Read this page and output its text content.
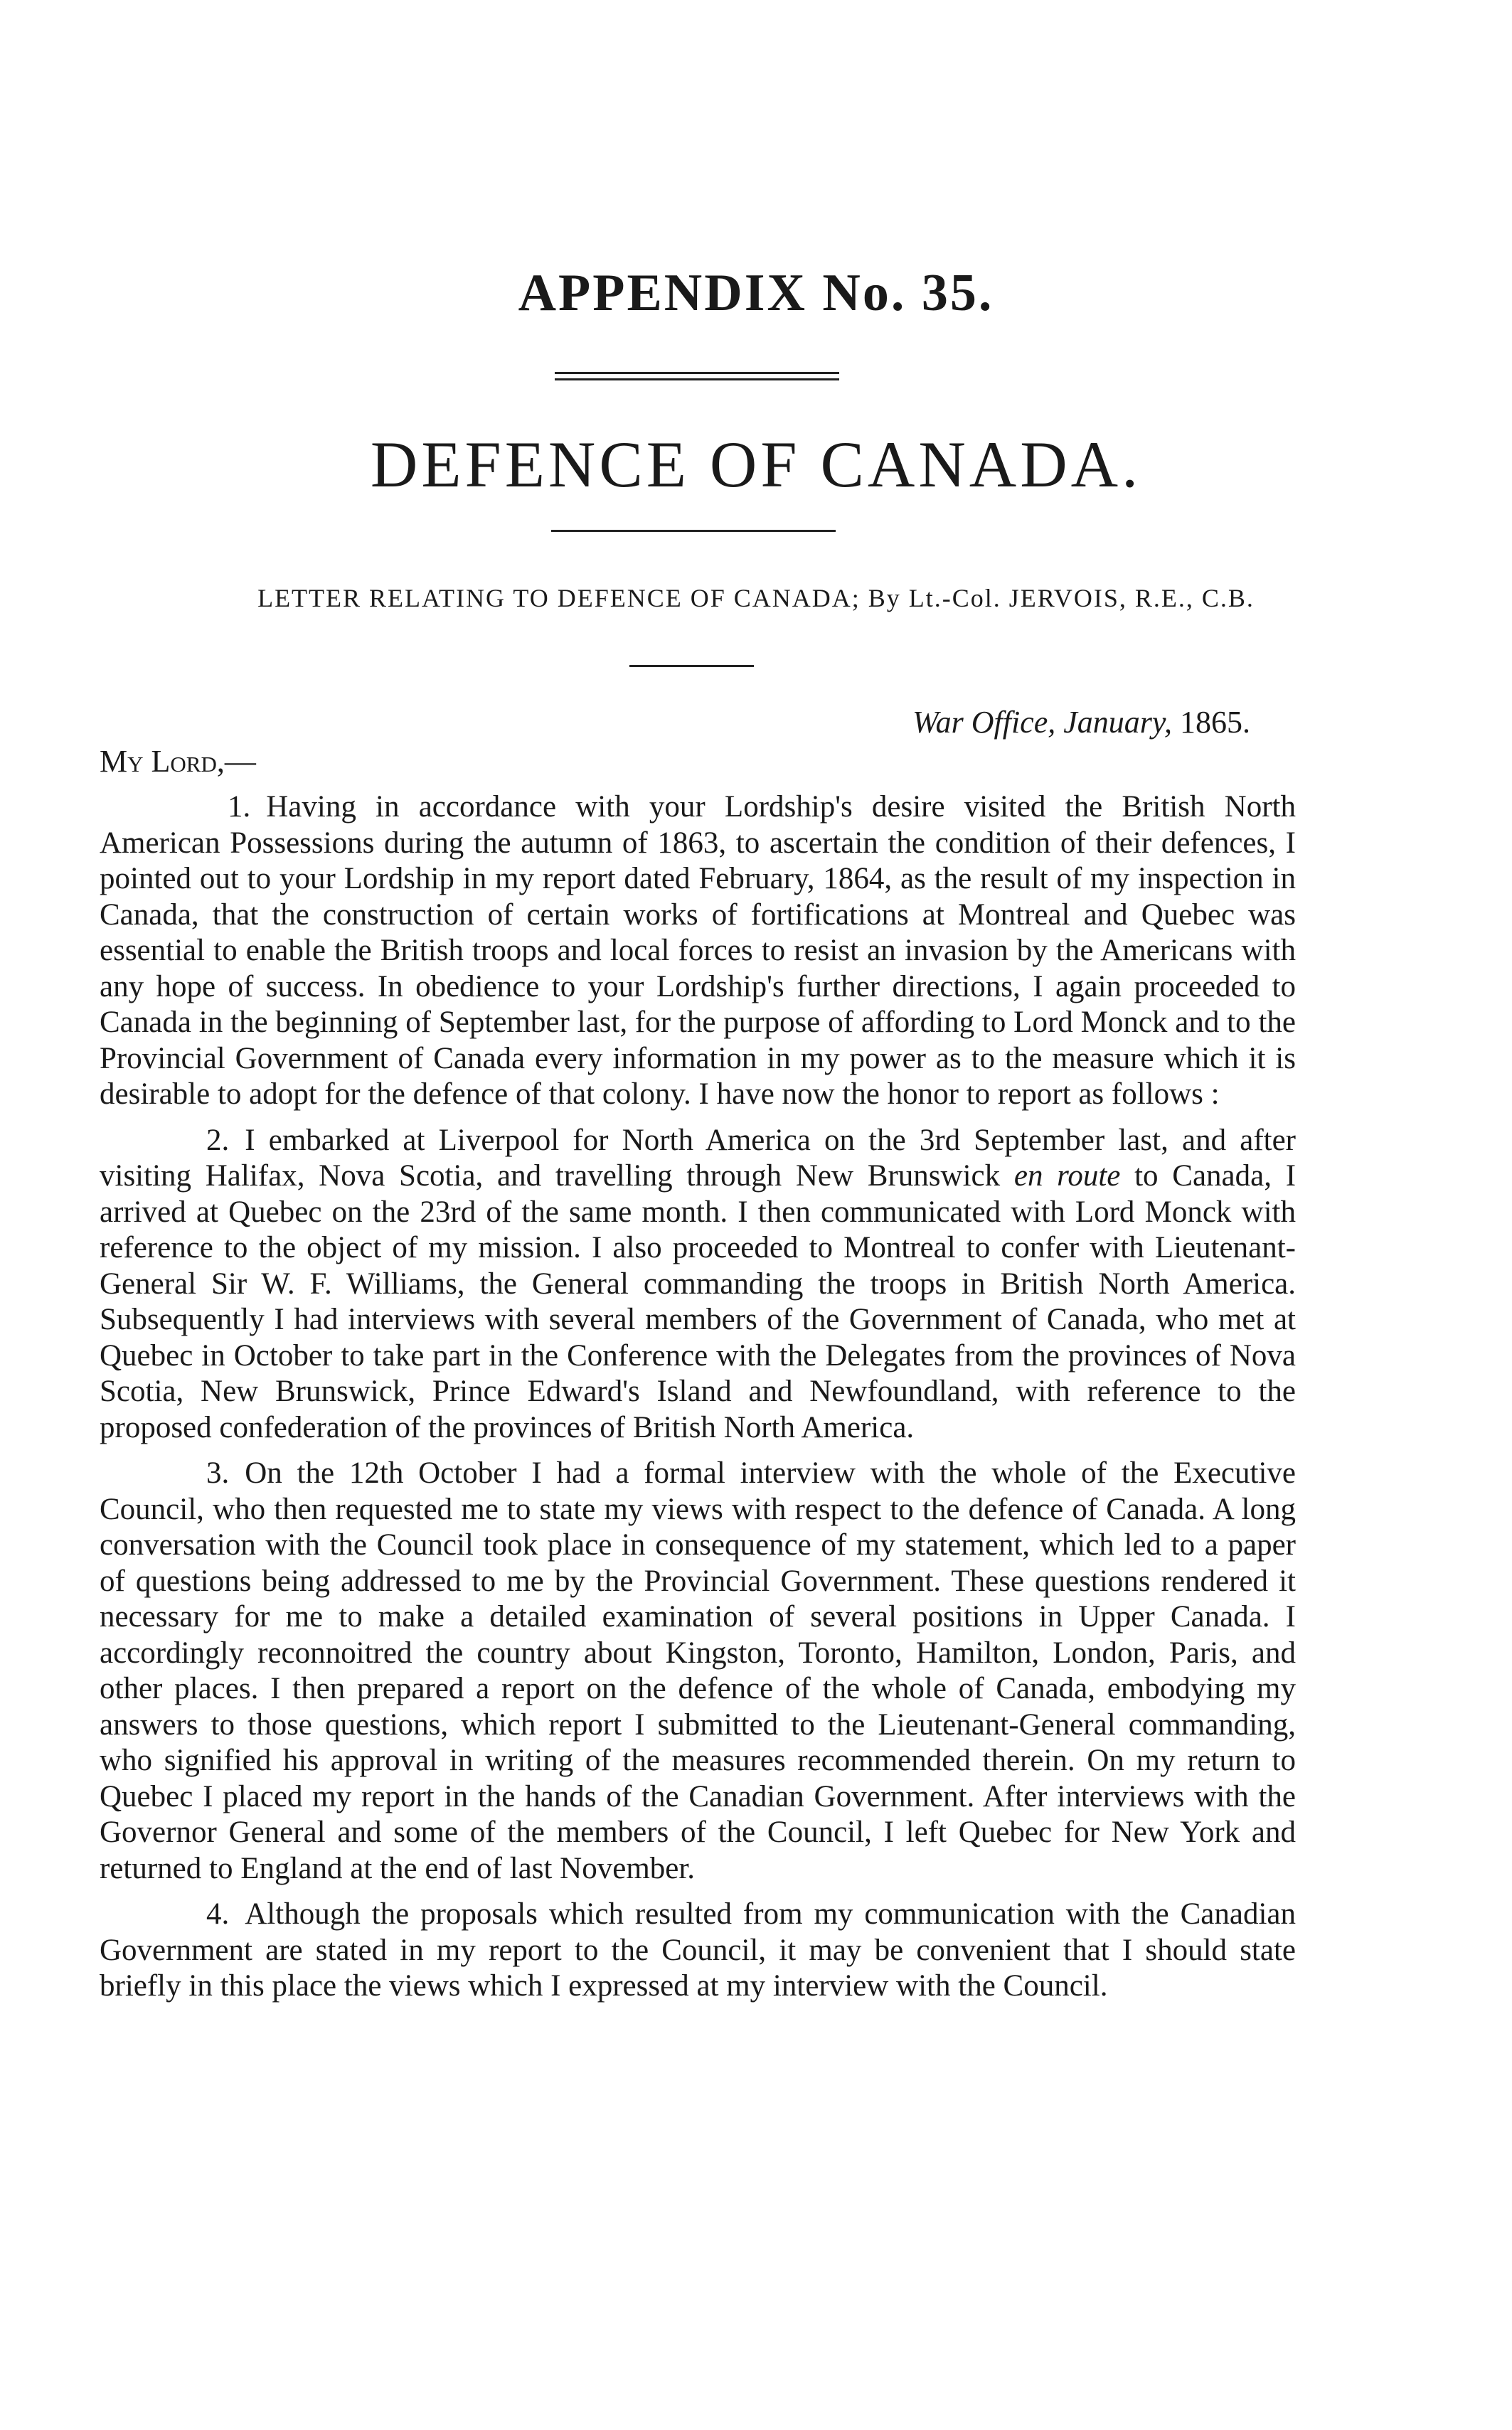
APPENDIX No. 35.
DEFENCE OF CANADA.
LETTER RELATING TO DEFENCE OF CANADA; By Lt.-Col. JERVOIS, R.E., C.B.
War Office, January, 1865.
My Lord,—

1. Having in accordance with your Lordship's desire visited the British North American Possessions during the autumn of 1863, to ascertain the condition of their defences, I pointed out to your Lordship in my report dated February, 1864, as the result of my inspection in Canada, that the construction of certain works of fortifications at Montreal and Quebec was essential to enable the British troops and local forces to resist an invasion by the Americans with any hope of success. In obedience to your Lordship's further directions, I again proceeded to Canada in the beginning of September last, for the purpose of affording to Lord Monck and to the Provincial Government of Canada every information in my power as to the measure which it is desirable to adopt for the defence of that colony. I have now the honor to report as follows :

2. I embarked at Liverpool for North America on the 3rd September last, and after visiting Halifax, Nova Scotia, and travelling through New Brunswick en route to Canada, I arrived at Quebec on the 23rd of the same month. I then communicated with Lord Monck with reference to the object of my mission. I also proceeded to Montreal to confer with Lieutenant-General Sir W. F. Williams, the General commanding the troops in British North America. Subsequently I had interviews with several members of the Government of Canada, who met at Quebec in October to take part in the Conference with the Delegates from the provinces of Nova Scotia, New Brunswick, Prince Edward's Island and Newfoundland, with reference to the proposed confederation of the provinces of British North America.

3. On the 12th October I had a formal interview with the whole of the Executive Council, who then requested me to state my views with respect to the defence of Canada. A long conversation with the Council took place in consequence of my statement, which led to a paper of questions being addressed to me by the Provincial Government. These questions rendered it necessary for me to make a detailed examination of several positions in Upper Canada. I accordingly reconnoitred the country about Kingston, Toronto, Hamilton, London, Paris, and other places. I then prepared a report on the defence of the whole of Canada, embodying my answers to those questions, which report I submitted to the Lieutenant-General commanding, who signified his approval in writing of the measures recommended therein. On my return to Quebec I placed my report in the hands of the Canadian Government. After interviews with the Governor General and some of the members of the Council, I left Quebec for New York and returned to England at the end of last November.

4. Although the proposals which resulted from my communication with the Canadian Government are stated in my report to the Council, it may be convenient that I should state briefly in this place the views which I expressed at my interview with the Council.
